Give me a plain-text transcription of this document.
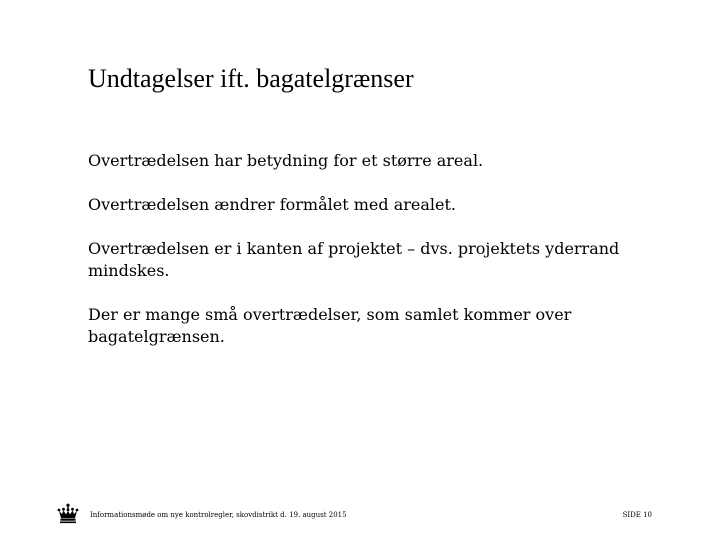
Undtagelser ift. bagatelgrænser
Overtrædelsen har betydning for et større areal.
Overtrædelsen ændrer formålet med arealet.
Overtrædelsen er i kanten af projektet – dvs. projektets yderrand mindskes.
Der er mange små overtrædelser, som samlet kommer over bagatelgrænsen.
Informationsmøde om nye kontrolregler, skovdistrikt d. 19. august 2015	SIDE 10
